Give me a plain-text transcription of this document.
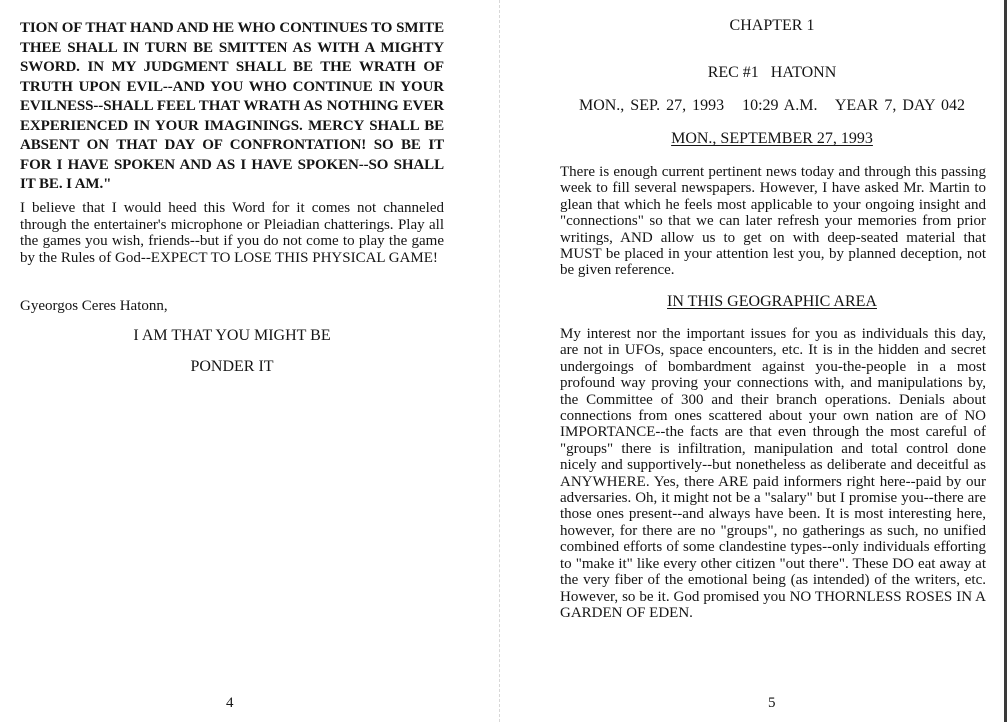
TION OF THAT HAND AND HE WHO CONTINUES TO SMITE THEE SHALL IN TURN BE SMITTEN AS WITH A MIGHTY SWORD. IN MY JUDGMENT SHALL BE THE WRATH OF TRUTH UPON EVIL--AND YOU WHO CONTINUE IN YOUR EVILNESS--SHALL FEEL THAT WRATH AS NOTHING EVER EXPERIENCED IN YOUR IMAGININGS. MERCY SHALL BE ABSENT ON THAT DAY OF CONFRONTATION! SO BE IT FOR I HAVE SPOKEN AND AS I HAVE SPOKEN--SO SHALL IT BE. I AM."

I believe that I would heed this Word for it comes not channeled through the entertainer's microphone or Pleiadian chatterings. Play all the games you wish, friends--but if you do not come to play the game by the Rules of God--EXPECT TO LOSE THIS PHYSICAL GAME!

Gyeorgos Ceres Hatonn,

I AM THAT YOU MIGHT BE

PONDER IT

4

CHAPTER 1

REC #1   HATONN

MON., SEP. 27, 1993   10:29 A.M.   YEAR 7, DAY 042

MON., SEPTEMBER 27, 1993

There is enough current pertinent news today and through this passing week to fill several newspapers. However, I have asked Mr. Martin to glean that which he feels most applicable to your ongoing insight and "connections" so that we can later refresh your memories from prior writings, AND allow us to get on with deep-seated material that MUST be placed in your attention lest you, by planned deception, not be given reference.

IN THIS GEOGRAPHIC AREA

My interest nor the important issues for you as individuals this day, are not in UFOs, space encounters, etc. It is in the hidden and secret undergoings of bombardment against you-the-people in a most profound way proving your connections with, and manipulations by, the Committee of 300 and their branch operations. Denials about connections from ones scattered about your own nation are of NO IMPORTANCE--the facts are that even through the most careful of "groups" there is infiltration, manipulation and total control done nicely and supportively--but nonetheless as deliberate and deceitful as ANYWHERE. Yes, there ARE paid informers right here--paid by our adversaries. Oh, it might not be a "salary" but I promise you--there are those ones present--and always have been. It is most interesting here, however, for there are no "groups", no gatherings as such, no unified combined efforts of some clandestine types--only individuals efforting to "make it" like every other citizen "out there". These DO eat away at the very fiber of the emotional being (as intended) of the writers, etc. However, so be it. God promised you NO THORNLESS ROSES IN A GARDEN OF EDEN.

5
